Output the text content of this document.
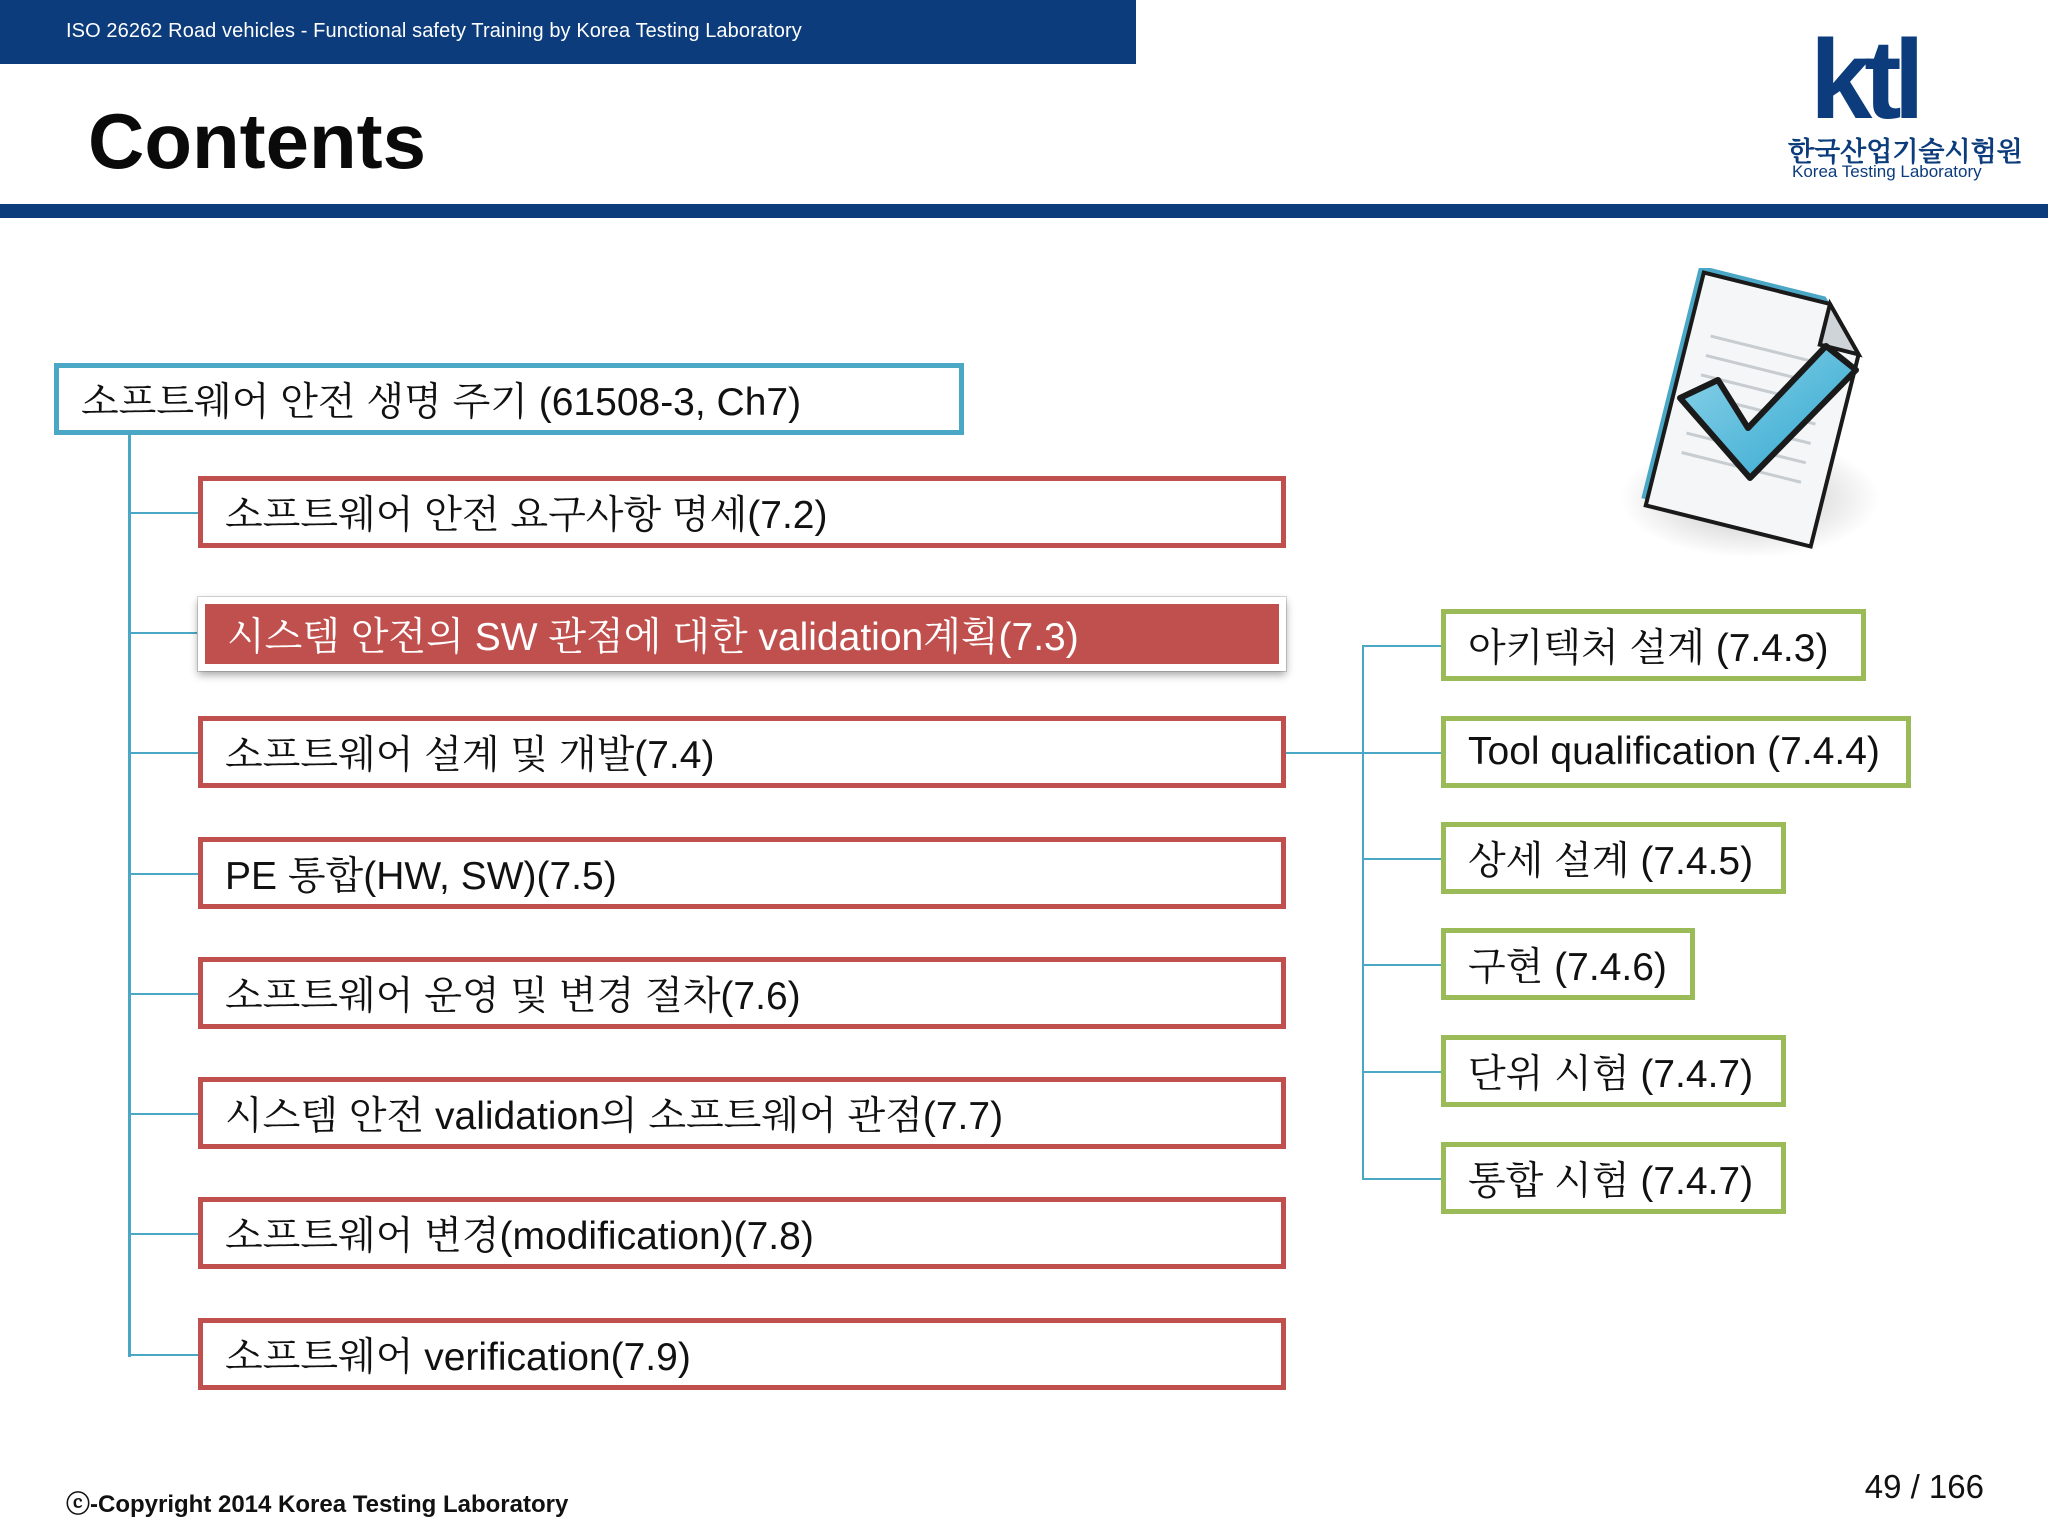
ISO 26262 Road vehicles - Functional safety Training by Korea Testing Laboratory
Contents	ktl
한국산업기술시험원
Korea Testing Laboratory
소프트웨어 안전 생명 주기 (61508-3, Ch7)
소프트웨어 안전 요구사항 명세(7.2)
시스템 안전의 SW 관점에 대한 validation계획(7.3)
소프트웨어 설계 및 개발(7.4)
PE 통합(HW, SW)(7.5)
소프트웨어 운영 및 변경 절차(7.6)
시스템 안전 validation의 소프트웨어 관점(7.7)
소프트웨어 변경(modification)(7.8)
소프트웨어 verification(7.9)
아키텍처 설계 (7.4.3)
Tool qualification (7.4.4)
상세 설계 (7.4.5)
구현 (7.4.6)
단위 시험 (7.4.7)
통합 시험 (7.4.7)
ⓒ-Copyright 2014 Korea Testing Laboratory	49 / 166
